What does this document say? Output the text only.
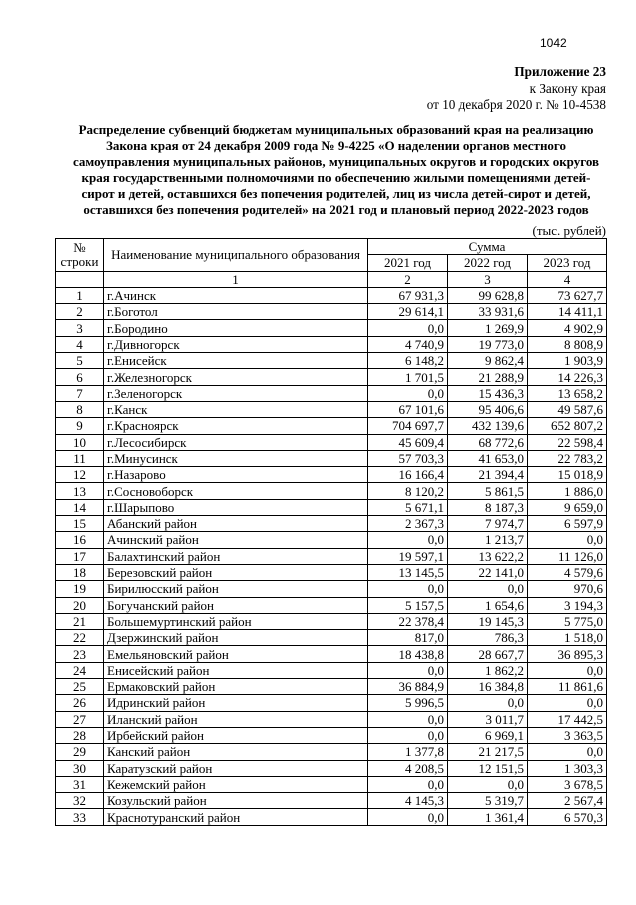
1042
Приложение 23
к Закону края
от 10 декабря 2020 г. № 10-4538
Распределение субвенций бюджетам муниципальных образований края на реализацию
Закона края от 24 декабря 2009 года № 9-4225 «О наделении органов местного
самоуправления муниципальных районов, муниципальных округов и городских округов
края государственными полномочиями по обеспечению жилыми помещениями детей-
сирот и детей, оставшихся без попечения родителей, лиц из числа детей-сирот и детей,
оставшихся без попечения родителей» на 2021 год и плановый период 2022-2023 годов
(тыс. рублей)
№
строки	Наименование муниципального образования	Сумма		
		2021 год	2022 год	2023 год
	1	2	3	4
1	г.Ачинск	67 931,3	99 628,8	73 627,7
2	г.Боготол	29 614,1	33 931,6	14 411,1
3	г.Бородино	0,0	1 269,9	4 902,9
4	г.Дивногорск	4 740,9	19 773,0	8 808,9
5	г.Енисейск	6 148,2	9 862,4	1 903,9
6	г.Железногорск	1 701,5	21 288,9	14 226,3
7	г.Зеленогорск	0,0	15 436,3	13 658,2
8	г.Канск	67 101,6	95 406,6	49 587,6
9	г.Красноярск	704 697,7	432 139,6	652 807,2
10	г.Лесосибирск	45 609,4	68 772,6	22 598,4
11	г.Минусинск	57 703,3	41 653,0	22 783,2
12	г.Назарово	16 166,4	21 394,4	15 018,9
13	г.Сосновоборск	8 120,2	5 861,5	1 886,0
14	г.Шарыпово	5 671,1	8 187,3	9 659,0
15	Абанский район	2 367,3	7 974,7	6 597,9
16	Ачинский район	0,0	1 213,7	0,0
17	Балахтинский район	19 597,1	13 622,2	11 126,0
18	Березовский район	13 145,5	22 141,0	4 579,6
19	Бирилюсский район	0,0	0,0	970,6
20	Богучанский район	5 157,5	1 654,6	3 194,3
21	Большемуртинский район	22 378,4	19 145,3	5 775,0
22	Дзержинский район	817,0	786,3	1 518,0
23	Емельяновский район	18 438,8	28 667,7	36 895,3
24	Енисейский район	0,0	1 862,2	0,0
25	Ермаковский район	36 884,9	16 384,8	11 861,6
26	Идринский район	5 996,5	0,0	0,0
27	Иланский район	0,0	3 011,7	17 442,5
28	Ирбейский район	0,0	6 969,1	3 363,5
29	Канский район	1 377,8	21 217,5	0,0
30	Каратузский район	4 208,5	12 151,5	1 303,3
31	Кежемский район	0,0	0,0	3 678,5
32	Козульский район	4 145,3	5 319,7	2 567,4
33	Краснотуранский район	0,0	1 361,4	6 570,3
